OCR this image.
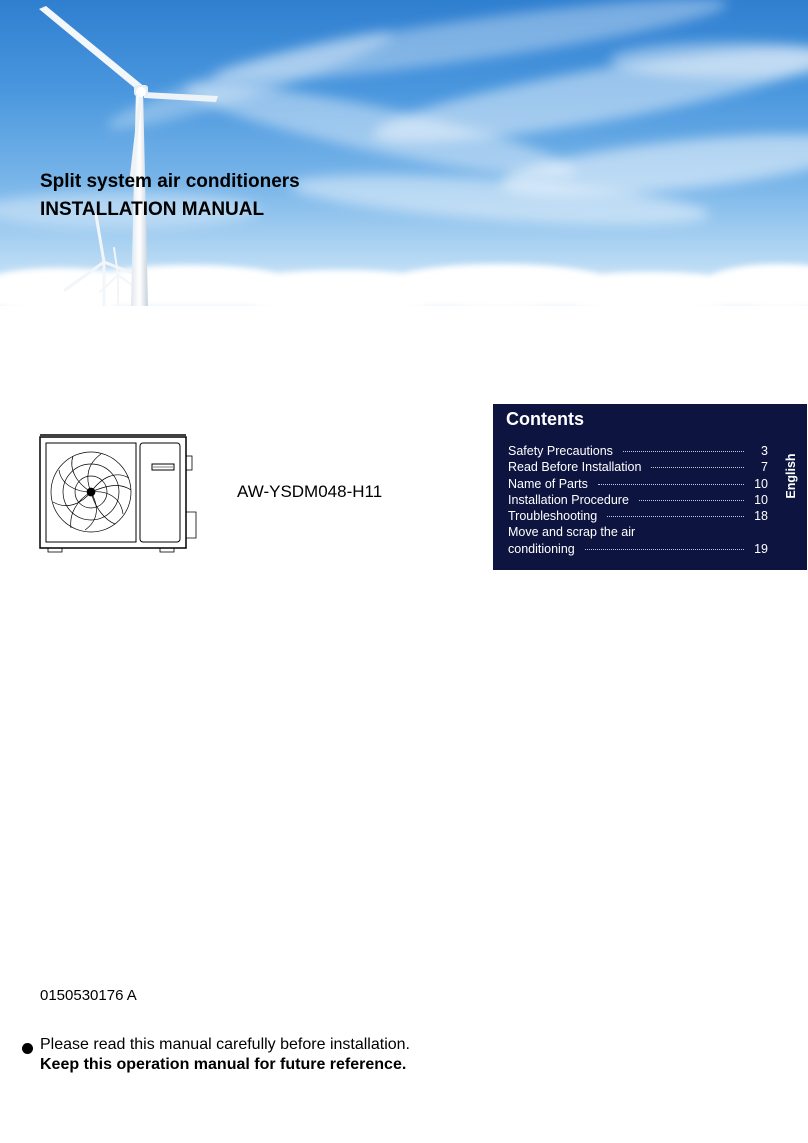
Split system air conditioners
INSTALLATION MANUAL
AW-YSDM048-H11
Contents
Safety Precautions	3
Read Before Installation	7
Name of Parts	10
Installation Procedure	10
Troubleshooting	18
Move and scrap the air
conditioning	19
English
0150530176 A
Please read this manual carefully before installation.
Keep this operation manual for future reference.
